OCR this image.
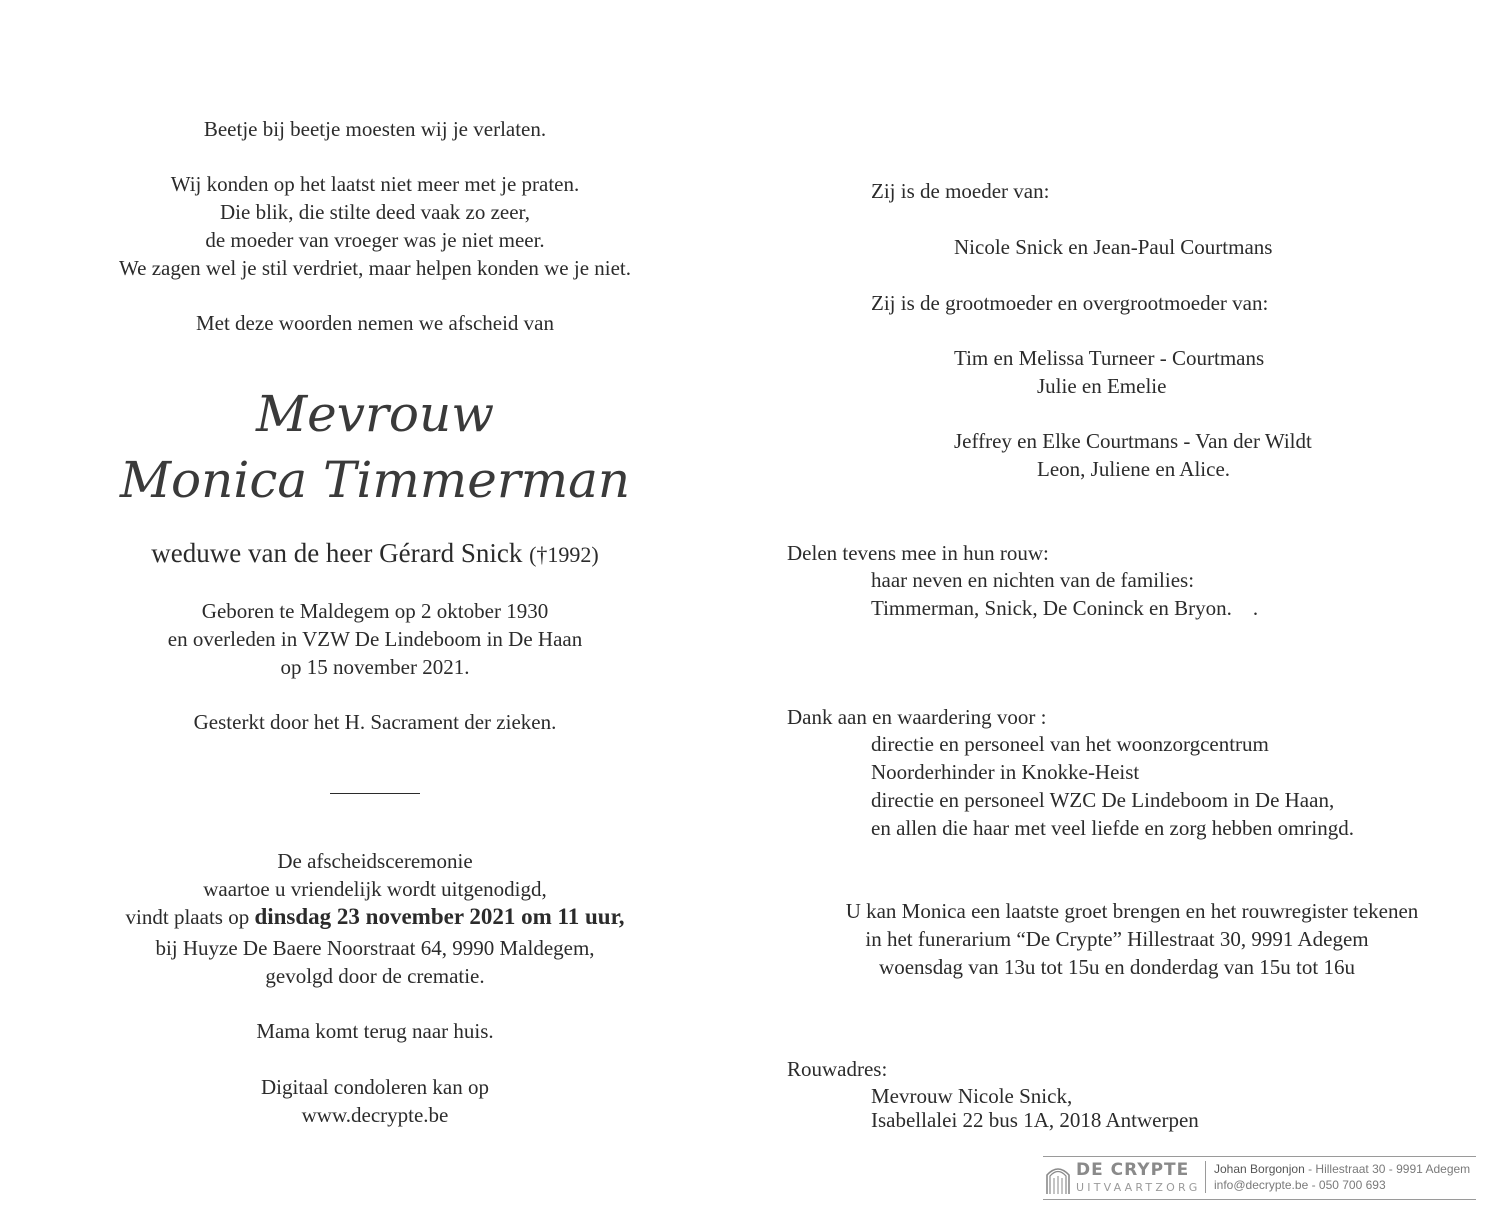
Beetje bij beetje moesten wij je verlaten.
Wij konden op het laatst niet meer met je praten.
Die blik, die stilte deed vaak zo zeer,
de moeder van vroeger was je niet meer.
We zagen wel je stil verdriet, maar helpen konden we je niet.
Met deze woorden nemen we afscheid van
Mevrouw
Monica Timmerman
weduwe van de heer Gérard Snick (†1992)
Geboren te Maldegem op 2 oktober 1930
en overleden in VZW De Lindeboom in De Haan
op 15 november 2021.
Gesterkt door het H. Sacrament der zieken.
De afscheidsceremonie
waartoe u vriendelijk wordt uitgenodigd,
vindt plaats op dinsdag 23 november 2021 om 11 uur,
bij Huyze De Baere Noorstraat 64, 9990 Maldegem,
gevolgd door de crematie.
Mama komt terug naar huis.
Digitaal condoleren kan op
www.decrypte.be
Zij is de moeder van:
Nicole Snick en Jean-Paul Courtmans
Zij is de grootmoeder en overgrootmoeder van:
Tim en Melissa Turneer - Courtmans
Julie en Emelie
Jeffrey en Elke Courtmans - Van der Wildt
Leon, Juliene en Alice.
Delen tevens mee in hun rouw:
haar neven en nichten van de families:
Timmerman, Snick, De Coninck en Bryon.    .
Dank aan en waardering voor :
directie en personeel van het woonzorgcentrum
Noorderhinder in Knokke-Heist
directie en personeel WZC De Lindeboom in De Haan,
en allen die haar met veel liefde en zorg hebben omringd.
U kan Monica een laatste groet brengen en het rouwregister tekenen
in het funerarium “De Crypte” Hillestraat 30, 9991 Adegem
woensdag van 13u tot 15u en donderdag van 15u tot 16u
Rouwadres:
Mevrouw Nicole Snick,
Isabellalei 22 bus 1A, 2018 Antwerpen
DE CRYPTE
UITVAARTZORG
Johan Borgonjon - Hillestraat 30 - 9991 Adegem
info@decrypte.be - 050 700 693
